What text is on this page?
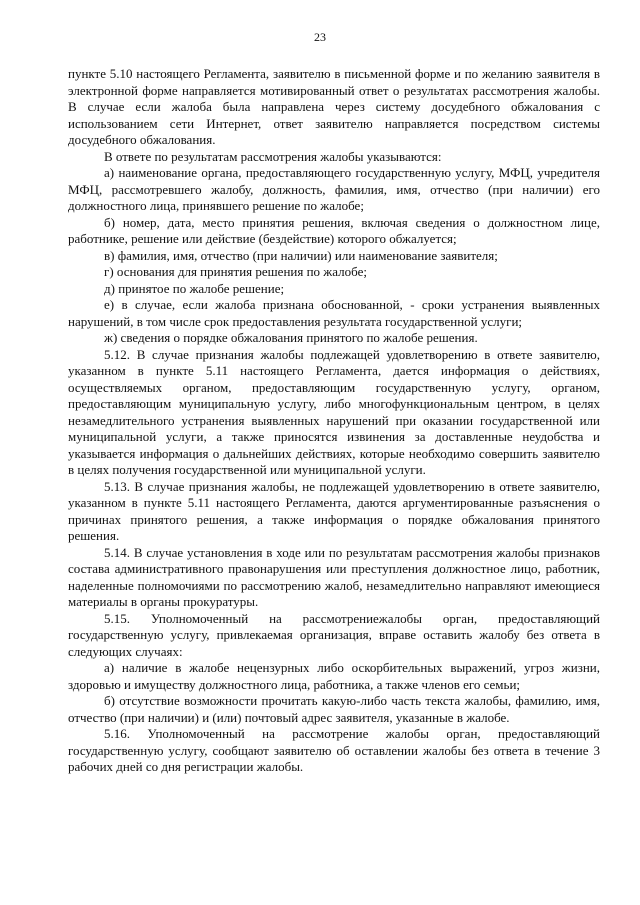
23

пункте 5.10 настоящего Регламента, заявителю в письменной форме и по желанию заявителя в электронной форме направляется мотивированный ответ о результатах рассмотрения жалобы. В случае если жалоба была направлена через систему досудебного обжалования с использованием сети Интернет, ответ заявителю направляется посредством системы досудебного обжалования.

В ответе по результатам рассмотрения жалобы указываются:

а) наименование органа, предоставляющего государственную услугу, МФЦ, учредителя МФЦ, рассмотревшего жалобу, должность, фамилия, имя, отчество (при наличии) его должностного лица, принявшего решение по жалобе;

б) номер, дата, место принятия решения, включая сведения о должностном лице, работнике, решение или действие (бездействие) которого обжалуется;

в) фамилия, имя, отчество (при наличии) или наименование заявителя;

г) основания для принятия решения по жалобе;

д) принятое по жалобе решение;

е) в случае, если жалоба признана обоснованной, - сроки устранения выявленных нарушений, в том числе срок предоставления результата государственной услуги;

ж) сведения о порядке обжалования принятого по жалобе решения.

5.12. В случае признания жалобы подлежащей удовлетворению в ответе заявителю, указанном в пункте 5.11 настоящего Регламента, дается информация о действиях, осуществляемых органом, предоставляющим государственную услугу, органом, предоставляющим муниципальную услугу, либо многофункциональным центром, в целях незамедлительного устранения выявленных нарушений при оказании государственной или муниципальной услуги, а также приносятся извинения за доставленные неудобства и указывается информация о дальнейших действиях, которые необходимо совершить заявителю в целях получения государственной или муниципальной услуги.

5.13. В случае признания жалобы, не подлежащей удовлетворению в ответе заявителю, указанном в пункте 5.11 настоящего Регламента, даются аргументированные разъяснения о причинах принятого решения, а также информация о порядке обжалования принятого решения.

5.14. В случае установления в ходе или по результатам рассмотрения жалобы признаков состава административного правонарушения или преступления должностное лицо, работник, наделенные полномочиями по рассмотрению жалоб, незамедлительно направляют имеющиеся материалы в органы прокуратуры.

5.15. Уполномоченный на рассмотрениежалобы орган, предоставляющий государственную услугу, привлекаемая организация, вправе оставить жалобу без ответа в следующих случаях:

а) наличие в жалобе нецензурных либо оскорбительных выражений, угроз жизни, здоровью и имуществу должностного лица, работника, а также членов его семьи;

б) отсутствие возможности прочитать какую-либо часть текста жалобы, фамилию, имя, отчество (при наличии) и (или) почтовый адрес заявителя, указанные в жалобе.

5.16. Уполномоченный на рассмотрение жалобы орган, предоставляющий государственную услугу, сообщают заявителю об оставлении жалобы без ответа в течение 3 рабочих дней со дня регистрации жалобы.
